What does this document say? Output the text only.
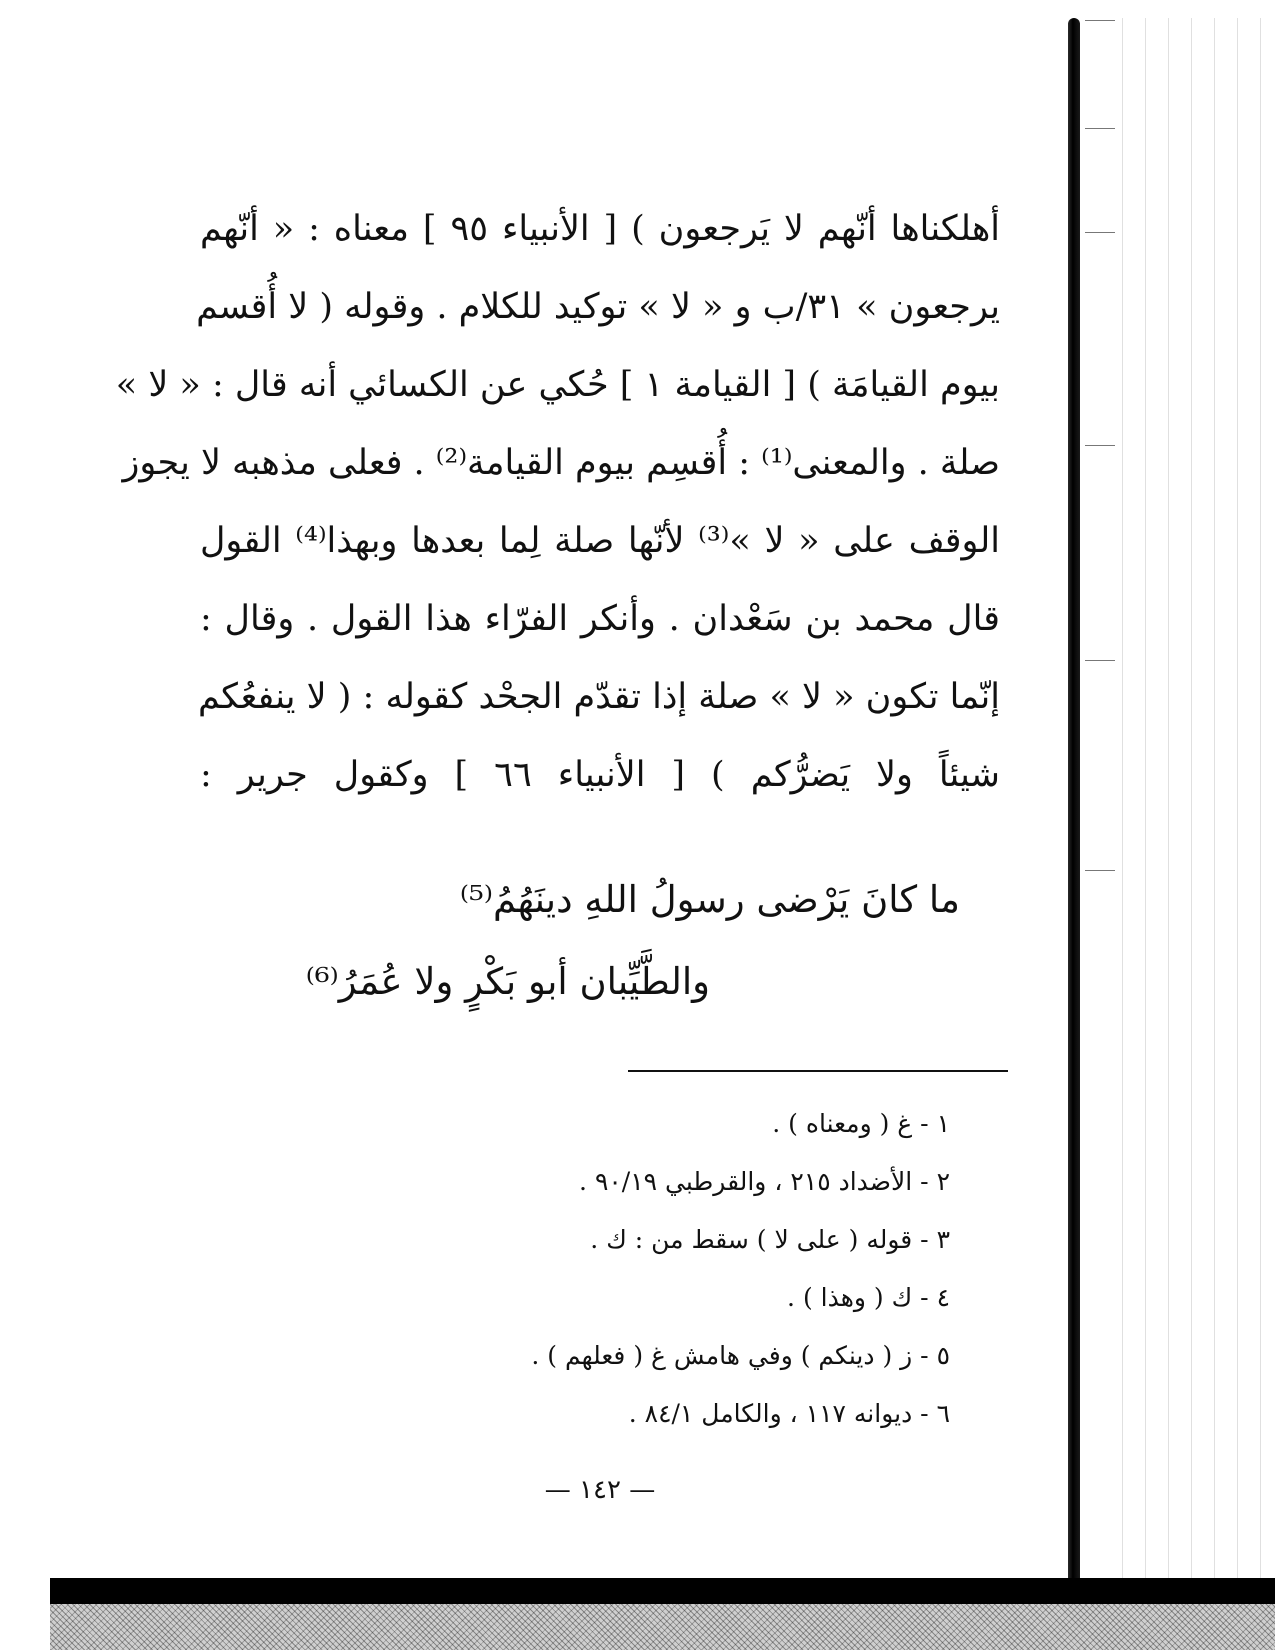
أهلكناها أنّهم لا يَرجعون ) [ الأنبياء ٩٥ ] معناه : « أنّهم
يرجعون » ٣١/ب و « لا » توكيد للكلام . وقوله ( لا أُقسم
بيوم القيامَة ) [ القيامة ١ ] حُكي عن الكسائي أنه قال : « لا »
صلة . والمعنى⁽¹⁾ : أُقسِم بيوم القيامة⁽²⁾ . فعلى مذهبه لا يجوز
الوقف على « لا »⁽³⁾ لأنّها صلة لِما بعدها وبهذا⁽⁴⁾ القول
قال محمد بن سَعْدان . وأنكر الفرّاء هذا القول . وقال :
إنّما تكون « لا » صلة إذا تقدّم الجحْد كقوله : ( لا ينفعُكم
شيئاً ولا يَضرُّكم ) [ الأنبياء ٦٦ ] وكقول جرير :
ما كانَ يَرْضى رسولُ اللهِ دينَهُمُ⁽⁵⁾
والطَّيِّبان أبو بَكْرٍ ولا عُمَرُ⁽⁶⁾
١ - غ ( ومعناه ) .
٢ - الأضداد ٢١٥ ، والقرطبي ٩٠/١٩ .
٣ - قوله ( على لا ) سقط من : ك .
٤ - ك ( وهذا ) .
٥ - ز ( دينكم ) وفي هامش غ ( فعلهم ) .
٦ - ديوانه ١١٧ ، والكامل ٨٤/١ .
— ١٤٢ —
